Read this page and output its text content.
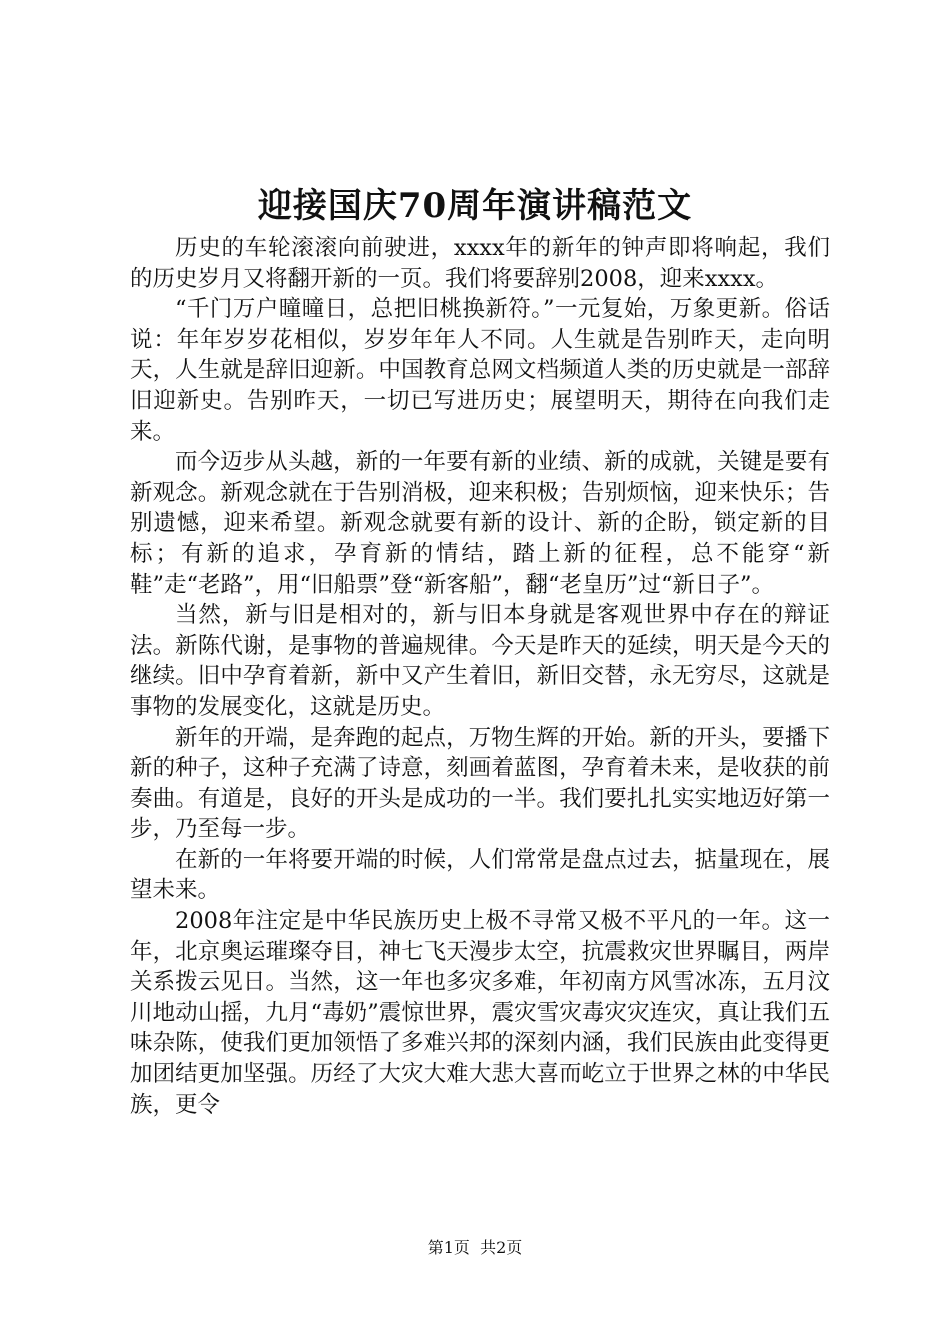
迎接国庆70周年演讲稿范文

历史的车轮滚滚向前驶进，xxxx年的新年的钟声即将响起，我们的历史岁月又将翻开新的一页。我们将要辞别2008，迎来xxxx。

“千门万户曈曈日，总把旧桃换新符。”一元复始，万象更新。俗话说：年年岁岁花相似，岁岁年年人不同。人生就是告别昨天，走向明天，人生就是辞旧迎新。中国教育总网文档频道人类的历史就是一部辞旧迎新史。告别昨天，一切已写进历史；展望明天，期待在向我们走来。

而今迈步从头越，新的一年要有新的业绩、新的成就，关键是要有新观念。新观念就在于告别消极，迎来积极；告别烦恼，迎来快乐；告别遗憾，迎来希望。新观念就要有新的设计、新的企盼，锁定新的目标；有新的追求，孕育新的情结，踏上新的征程，总不能穿“新鞋”走“老路”，用“旧船票”登“新客船”，翻“老皇历”过“新日子”。

当然，新与旧是相对的，新与旧本身就是客观世界中存在的辩证法。新陈代谢，是事物的普遍规律。今天是昨天的延续，明天是今天的继续。旧中孕育着新，新中又产生着旧，新旧交替，永无穷尽，这就是事物的发展变化，这就是历史。

新年的开端，是奔跑的起点，万物生辉的开始。新的开头，要播下新的种子，这种子充满了诗意，刻画着蓝图，孕育着未来，是收获的前奏曲。有道是，良好的开头是成功的一半。我们要扎扎实实地迈好第一步，乃至每一步。

在新的一年将要开端的时候，人们常常是盘点过去，掂量现在，展望未来。

2008年注定是中华民族历史上极不寻常又极不平凡的一年。这一年，北京奥运璀璨夺目，神七飞天漫步太空，抗震救灾世界瞩目，两岸关系拨云见日。当然，这一年也多灾多难，年初南方风雪冰冻，五月汶川地动山摇，九月“毒奶”震惊世界，震灾雪灾毒灾灾连灾，真让我们五味杂陈，使我们更加领悟了多难兴邦的深刻内涵，我们民族由此变得更加团结更加坚强。历经了大灾大难大悲大喜而屹立于世界之林的中华民族，更令

第1页 共2页
